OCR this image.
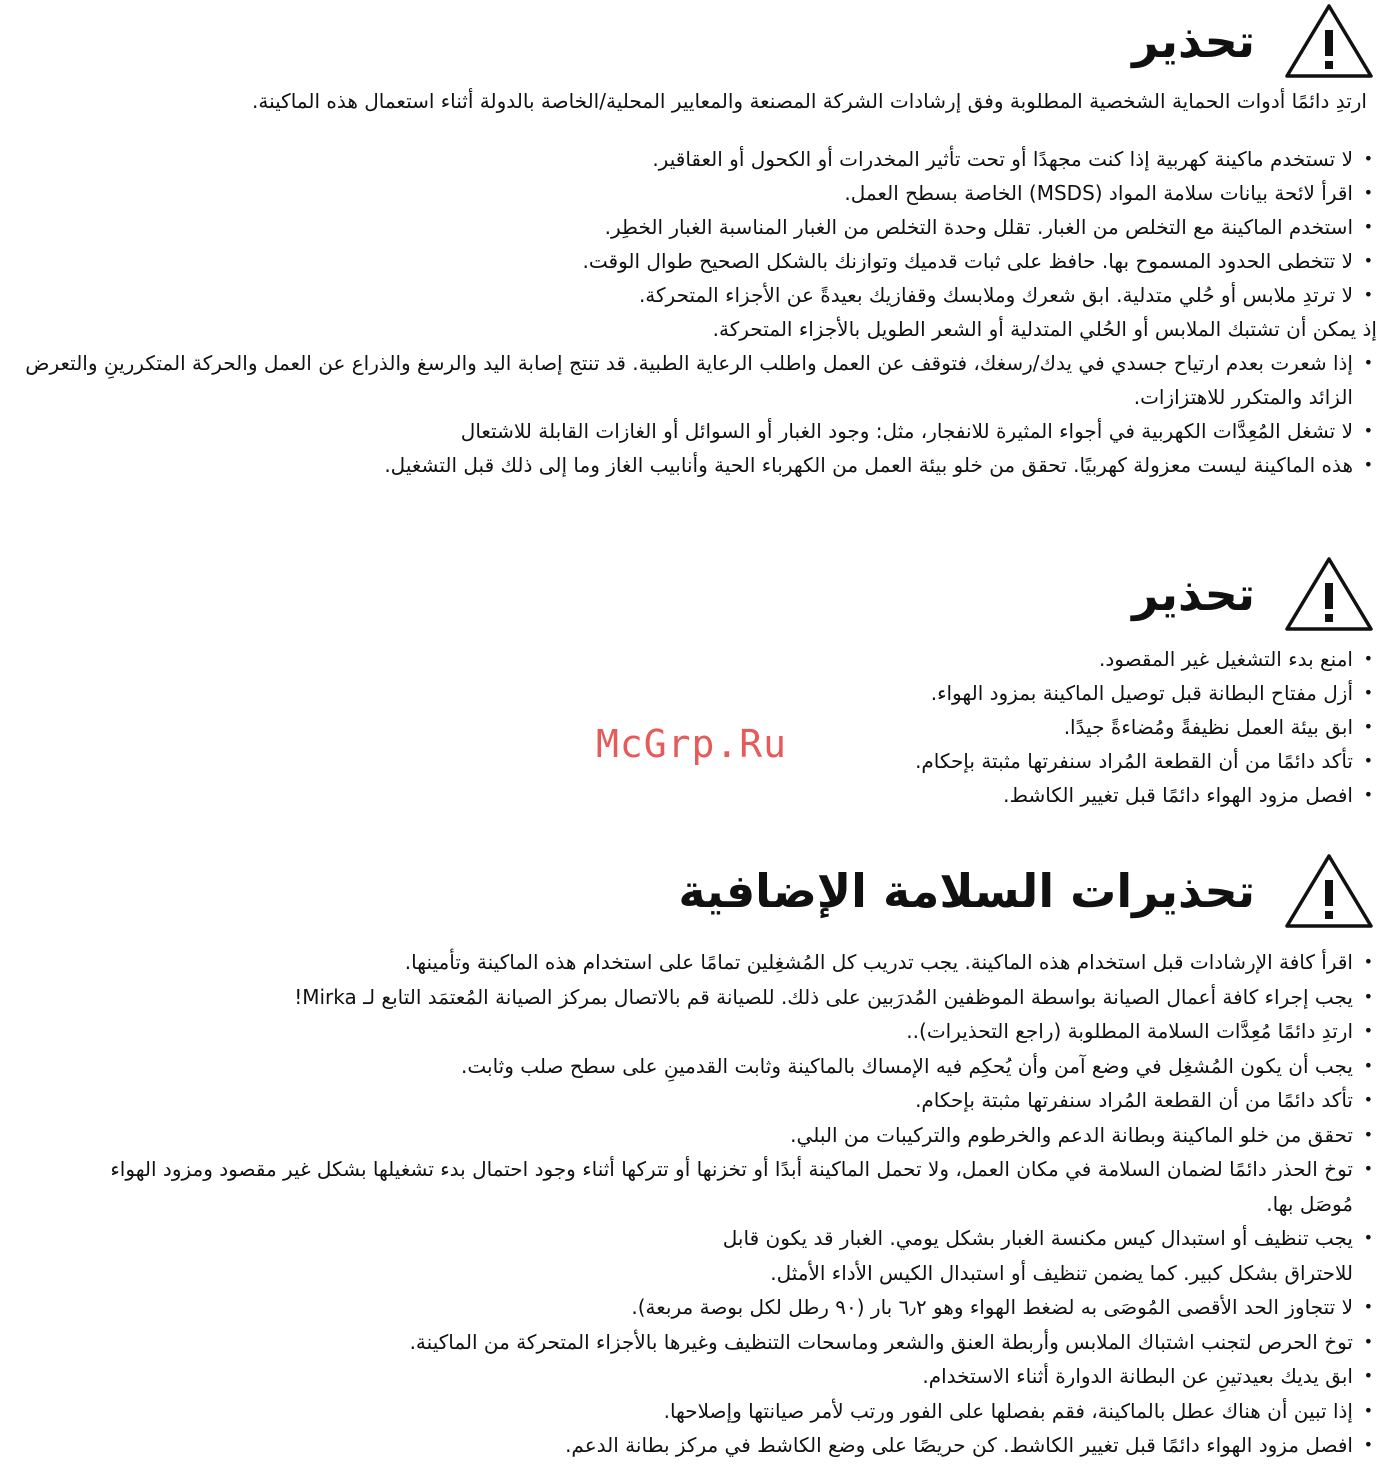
تحذير

ارتدِ دائمًا أدوات الحماية الشخصية المطلوبة وفق إرشادات الشركة المصنعة والمعايير المحلية/الخاصة بالدولة أثناء استعمال هذه الماكينة.

•
لا تستخدم ماكينة كهربية إذا كنت مجهدًا أو تحت تأثير المخدرات أو الكحول أو العقاقير.
•
اقرأ لائحة بيانات سلامة المواد (MSDS) الخاصة بسطح العمل.
•
استخدم الماكينة مع التخلص من الغبار. تقلل وحدة التخلص من الغبار المناسبة الغبار الخطِر.
•
لا تتخطى الحدود المسموح بها. حافظ على ثبات قدميك وتوازنك بالشكل الصحيح طوال الوقت.
•
لا ترتدِ ملابس أو حُلي متدلية. ابق شعرك وملابسك وقفازيك بعيدةً عن الأجزاء المتحركة.
إذ يمكن أن تشتبك الملابس أو الحُلي المتدلية أو الشعر الطويل بالأجزاء المتحركة.
•
إذا شعرت بعدم ارتياح جسدي في يدك/رسغك، فتوقف عن العمل واطلب الرعاية الطبية. قد تنتج إصابة اليد والرسغ والذراع عن العمل والحركة المتكررينِ والتعرض الزائد والمتكرر للاهتزازات.
•
لا تشغل المُعِدَّات الكهربية في أجواء المثيرة للانفجار، مثل: وجود الغبار أو السوائل أو الغازات القابلة للاشتعال
•
هذه الماكينة ليست معزولة كهربيًا. تحقق من خلو بيئة العمل من الكهرباء الحية وأنابيب الغاز وما إلى ذلك قبل التشغيل.
تحذير
•
امنع بدء التشغيل غير المقصود.
•
أزل مفتاح البطانة قبل توصيل الماكينة بمزود الهواء.
•
ابق بيئة العمل نظيفةً ومُضاءةً جيدًا.
•
تأكد دائمًا من أن القطعة المُراد سنفرتها مثبتة بإحكام.
•
افصل مزود الهواء دائمًا قبل تغيير الكاشط.
تحذيرات السلامة الإضافية
•
اقرأ كافة الإرشادات قبل استخدام هذه الماكينة. يجب تدريب كل المُشغِلين تمامًا على استخدام هذه الماكينة وتأمينها.
•
يجب إجراء كافة أعمال الصيانة بواسطة الموظفين المُدرَبين على ذلك. للصيانة قم بالاتصال بمركز الصيانة المُعتمَد التابع لـ Mirka!
•
ارتدِ دائمًا مُعِدَّات السلامة المطلوبة (راجع التحذيرات)..
•
يجب أن يكون المُشغِل في وضع آمن وأن يُحكِم فيه الإمساك بالماكينة وثابت القدمينِ على سطح صلب وثابت.
•
تأكد دائمًا من أن القطعة المُراد سنفرتها مثبتة بإحكام.
•
تحقق من خلو الماكينة وبطانة الدعم والخرطوم والتركيبات من البلي.
•
توخ الحذر دائمًا لضمان السلامة في مكان العمل، ولا تحمل الماكينة أبدًا أو تخزنها أو تتركها أثناء وجود احتمال بدء تشغيلها بشكل غير مقصود ومزود الهواء مُوصَل بها.
•
يجب تنظيف أو استبدال كيس مكنسة الغبار بشكل يومي. الغبار قد يكون قابل للاحتراق بشكل كبير. كما يضمن تنظيف أو استبدال الكيس الأداء الأمثل.
•
لا تتجاوز الحد الأقصى المُوصَى به لضغط الهواء وهو ٦٫٢ بار (٩٠ رطل لكل بوصة مربعة).
•
توخ الحرص لتجنب اشتباك الملابس وأربطة العنق والشعر وماسحات التنظيف وغيرها بالأجزاء المتحركة من الماكينة.
•
ابق يديك بعيدتينِ عن البطانة الدوارة أثناء الاستخدام.
•
إذا تبين أن هناك عطل بالماكينة، فقم بفصلها على الفور ورتب لأمر صيانتها وإصلاحها.
•
افصل مزود الهواء دائمًا قبل تغيير الكاشط. كن حريصًا على وضع الكاشط في مركز بطانة الدعم.
McGrp.Ru
